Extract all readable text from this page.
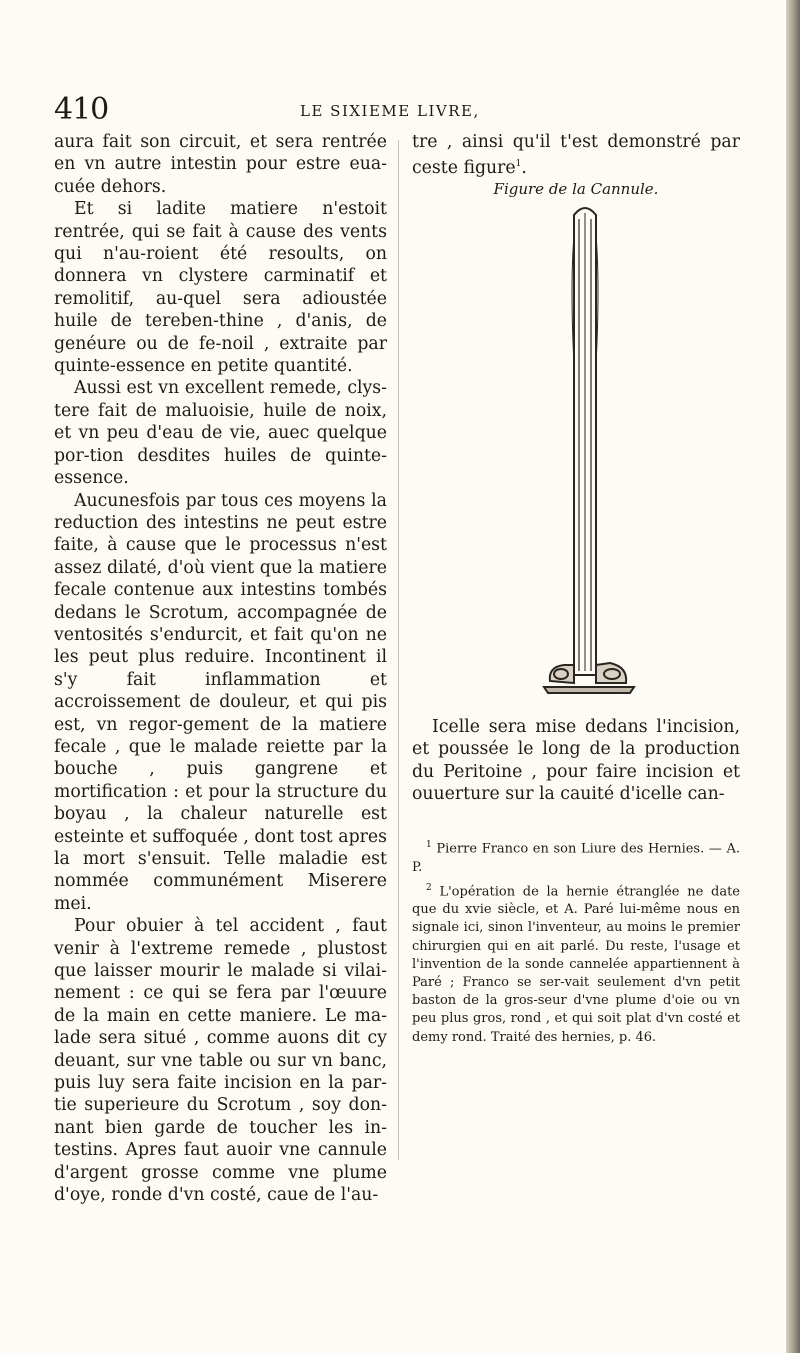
410	LE SIXIEME LIVRE,

aura fait son circuit, et sera rentrée en vn autre intestin pour estre eua-cuée dehors.

Et si ladite matiere n'estoit rentrée, qui se fait à cause des vents qui n'au-roient été resoults, on donnera vn clystere carminatif et remolitif, au-quel sera adioustée huile de tereben-thine , d'anis, de genéure ou de fe-noil , extraite par quinte-essence en petite quantité.

Aussi est vn excellent remede, clys-tere fait de maluoisie, huile de noix, et vn peu d'eau de vie, auec quelque por-tion desdites huiles de quinte-essence.

Aucunesfois par tous ces moyens la reduction des intestins ne peut estre faite, à cause que le processus n'est assez dilaté, d'où vient que la matiere fecale contenue aux intestins tombés dedans le Scrotum, accompagnée de ventosités s'endurcit, et fait qu'on ne les peut plus reduire. Incontinent il s'y fait inflammation et accroissement de douleur, et qui pis est, vn regor-gement de la matiere fecale , que le malade reiette par la bouche , puis gangrene et mortification : et pour la structure du boyau , la chaleur naturelle est esteinte et suffoquée , dont tost apres la mort s'ensuit. Telle maladie est nommée communément Miserere mei.

Pour obuier à tel accident , faut venir à l'extreme remede , plustost que laisser mourir le malade si vilai-nement : ce qui se fera par l'œuure de la main en cette maniere. Le ma-lade sera situé , comme auons dit cy deuant, sur vne table ou sur vn banc, puis luy sera faite incision en la par-tie superieure du Scrotum , soy don-nant bien garde de toucher les in-testins. Apres faut auoir vne cannule d'argent grosse comme vne plume d'oye, ronde d'vn costé, caue de l'au-

tre , ainsi qu'il t'est demonstré par ceste figure$^1$.

Figure de la Cannule.

Icelle sera mise dedans l'incision, et poussée le long de la production du Peritoine , pour faire incision et ouuerture sur la cauité d'icelle can-

$^1$ Pierre Franco en son Liure des Hernies. — A. P.

$^2$ L'opération de la hernie étranglée ne date que du xvie siècle, et A. Paré lui-même nous en signale ici, sinon l'inventeur, au moins le premier chirurgien qui en ait parlé. Du reste, l'usage et l'invention de la sonde cannelée appartiennent à Paré ; Franco se ser-vait seulement d'vn petit baston de la gros-seur d'vne plume d'oie ou vn peu plus gros, rond , et qui soit plat d'vn costé et demy rond. Traité des hernies, p. 46.
